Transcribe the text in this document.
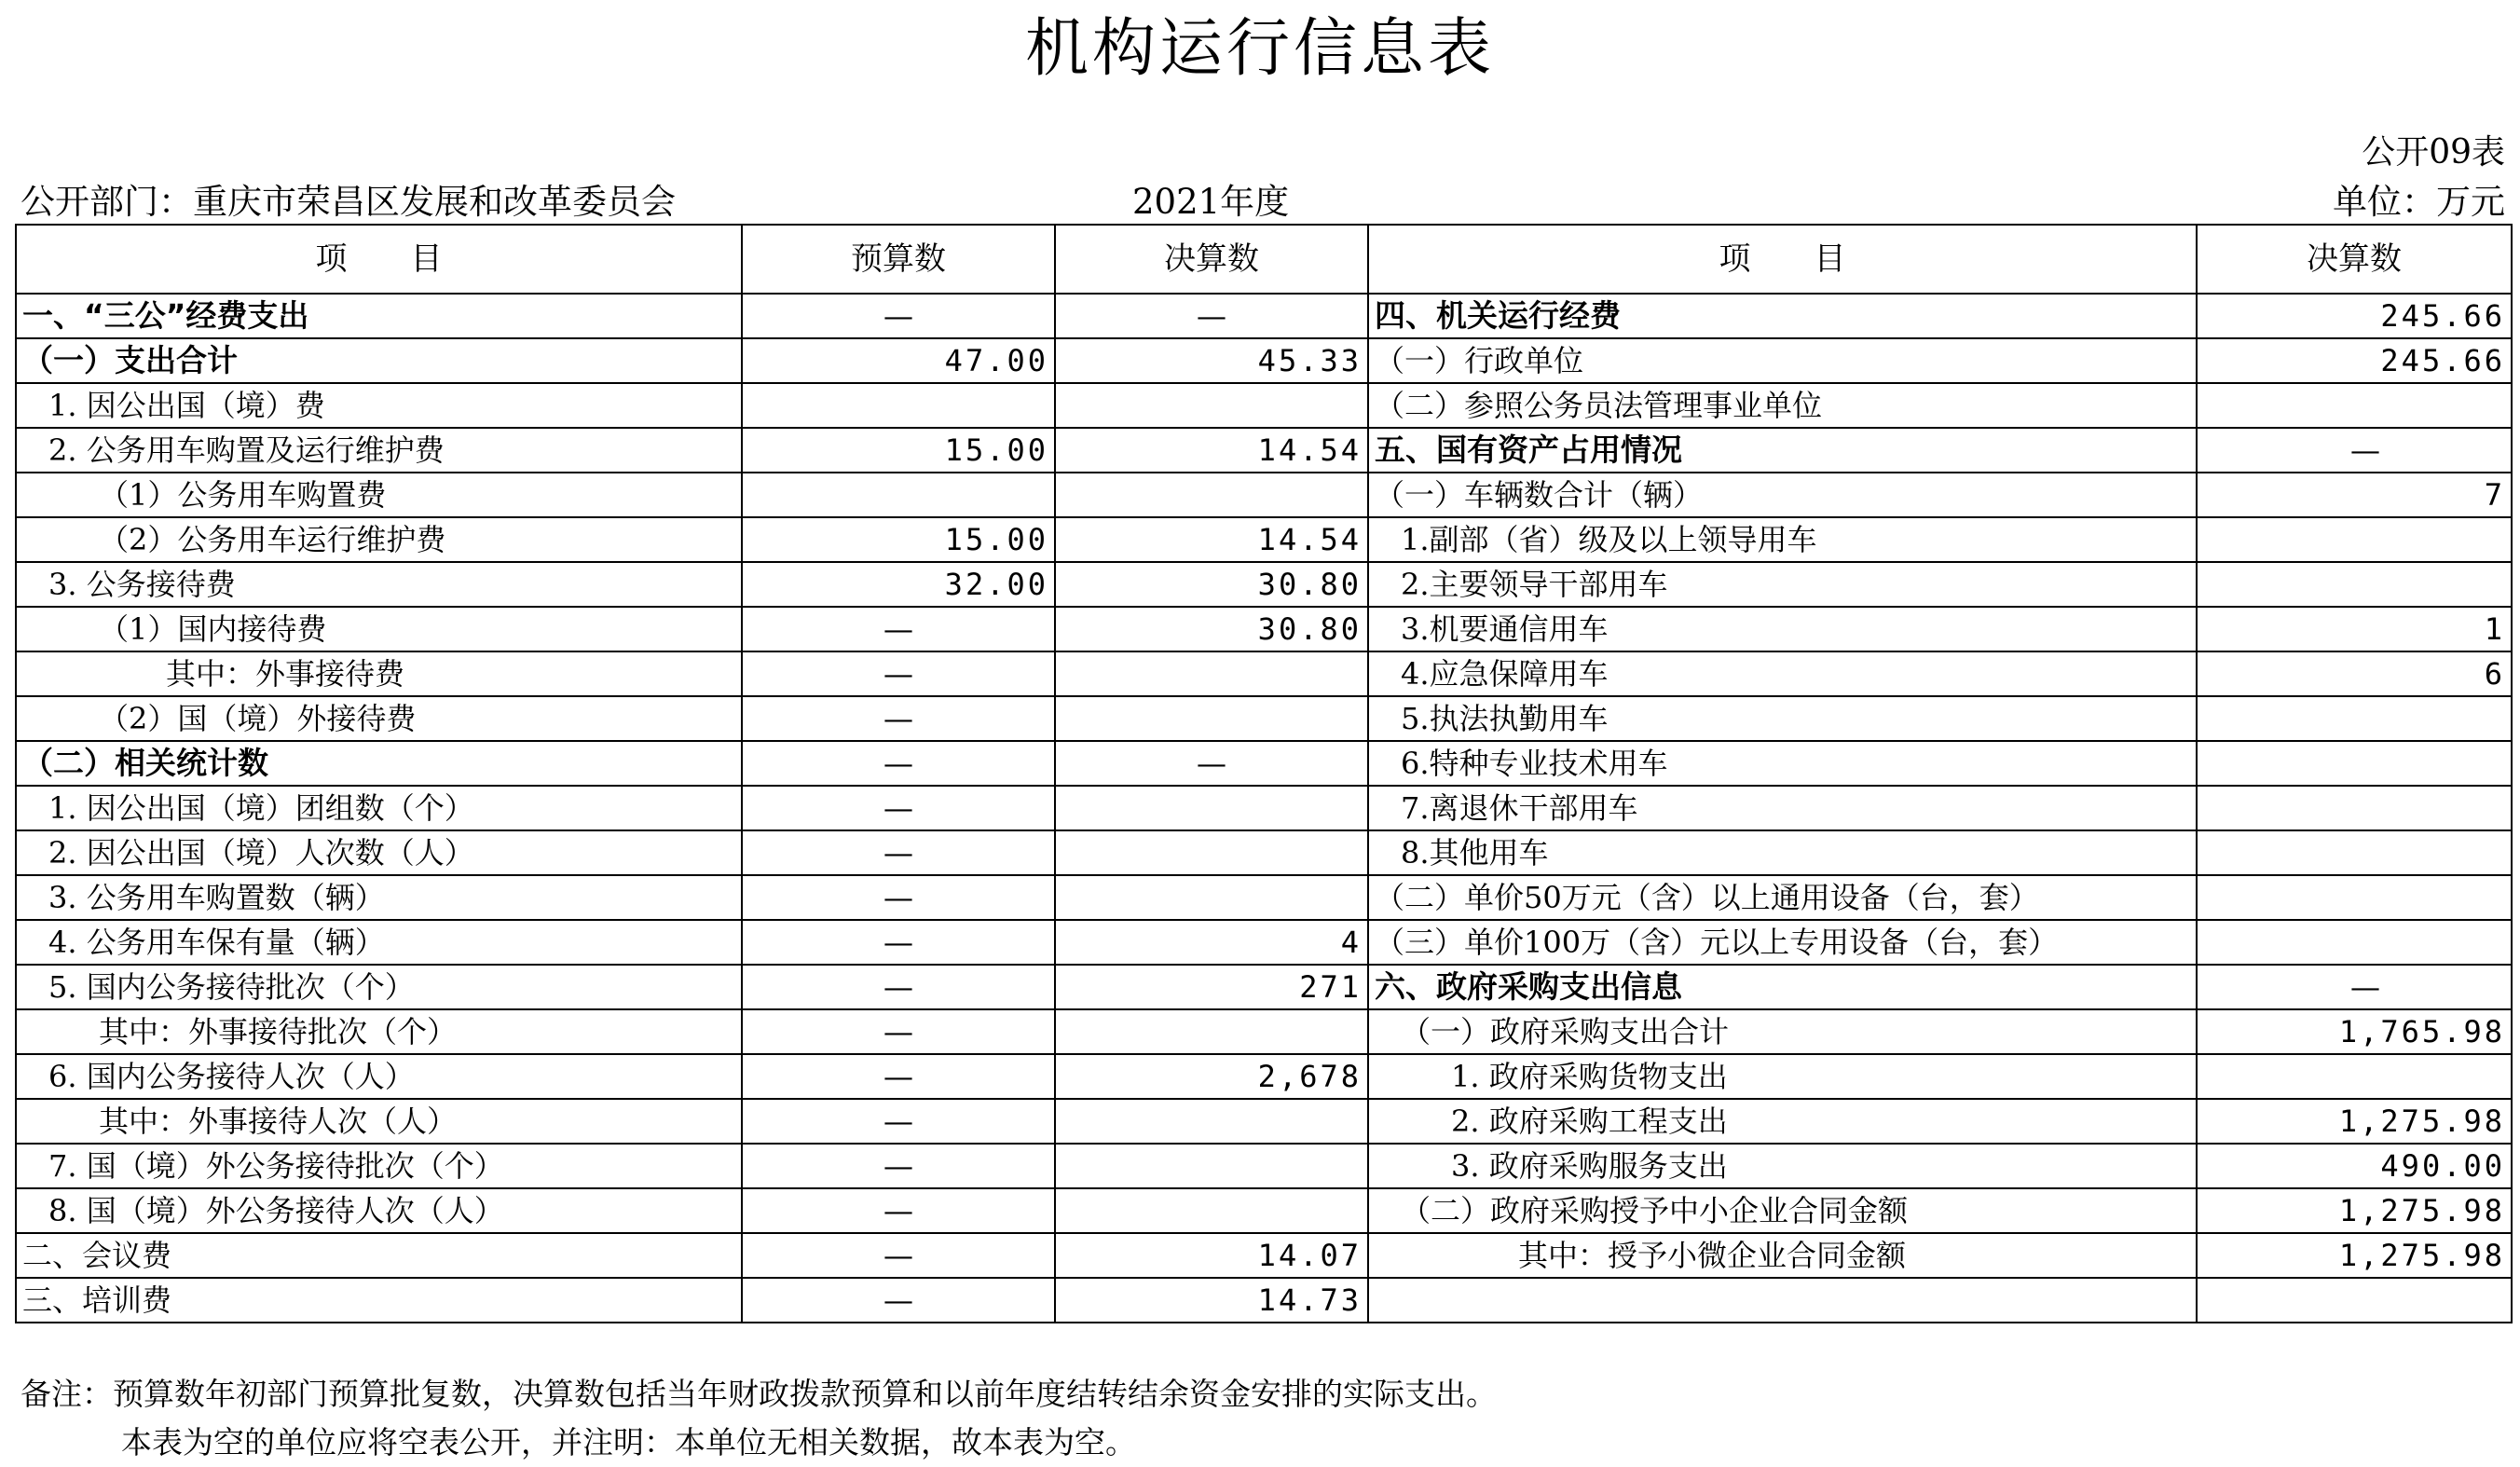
机构运行信息表
公开09表
公开部门：重庆市荣昌区发展和改革委员会	2021年度	单位：万元
项　　目	预算数	决算数	项　　目	决算数
一、“三公”经费支出	—	—	四、机关运行经费	245.66
（一）支出合计	47.00	45.33	（一）行政单位	245.66
1. 因公出国（境）费			（二）参照公务员法管理事业单位	
2. 公务用车购置及运行维护费	15.00	14.54	五、国有资产占用情况	—
（1）公务用车购置费			（一）车辆数合计（辆）	7
（2）公务用车运行维护费	15.00	14.54	1.副部（省）级及以上领导用车	
3. 公务接待费	32.00	30.80	2.主要领导干部用车	
（1）国内接待费	—	30.80	3.机要通信用车	1
其中：外事接待费	—		4.应急保障用车	6
（2）国（境）外接待费	—		5.执法执勤用车	
（二）相关统计数	—	—	6.特种专业技术用车	
1. 因公出国（境）团组数（个）	—		7.离退休干部用车	
2. 因公出国（境）人次数（人）	—		8.其他用车	
3. 公务用车购置数（辆）	—		（二）单价50万元（含）以上通用设备（台，套）	
4. 公务用车保有量（辆）	—	4	（三）单价100万（含）元以上专用设备（台，套）	
5. 国内公务接待批次（个）	—	271	六、政府采购支出信息	—
其中：外事接待批次（个）	—		（一）政府采购支出合计	1,765.98
6. 国内公务接待人次（人）	—	2,678	1. 政府采购货物支出	
其中：外事接待人次（人）	—		2. 政府采购工程支出	1,275.98
7. 国（境）外公务接待批次（个）	—		3. 政府采购服务支出	490.00
8. 国（境）外公务接待人次（人）	—		（二）政府采购授予中小企业合同金额	1,275.98
二、会议费	—	14.07	其中：授予小微企业合同金额	1,275.98
三、培训费	—	14.73		
备注：预算数年初部门预算批复数，决算数包括当年财政拨款预算和以前年度结转结余资金安排的实际支出。
本表为空的单位应将空表公开，并注明：本单位无相关数据，故本表为空。
